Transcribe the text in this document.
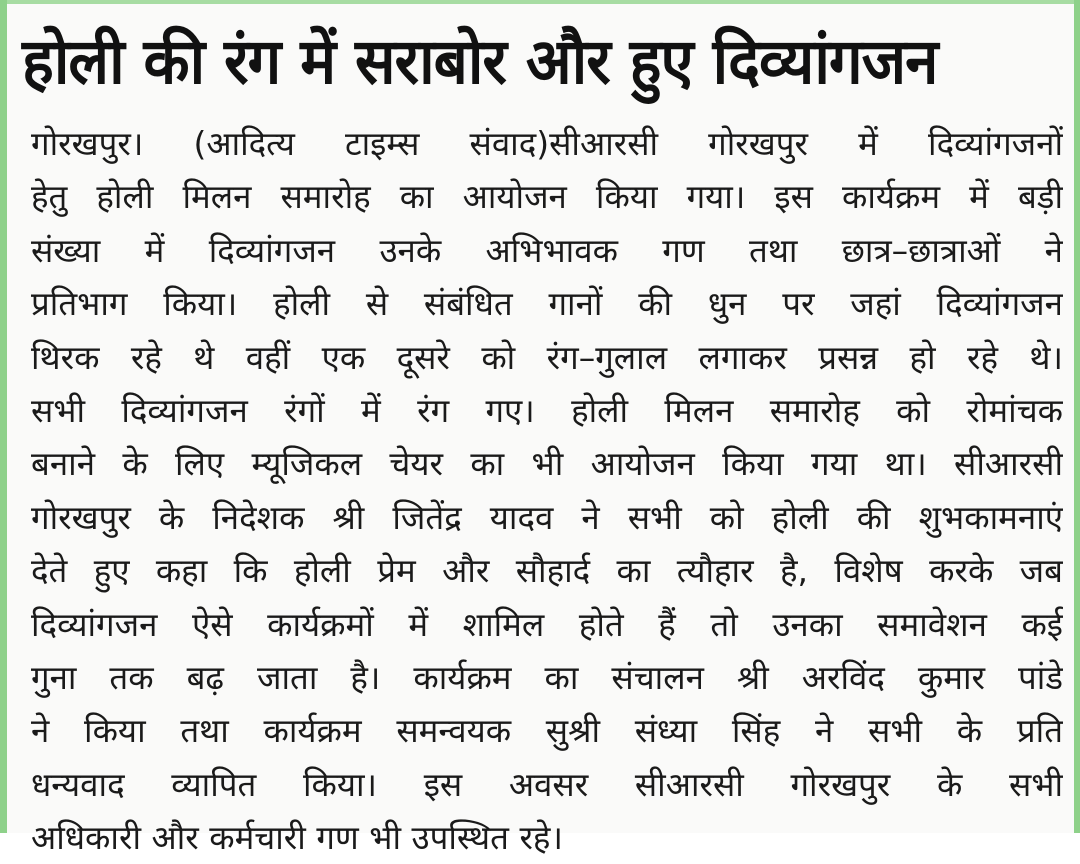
होली की रंग में सराबोर और हुए दिव्यांगजन
गोरखपुर। (आदित्य टाइम्स संवाद)सीआरसी गोरखपुर में दिव्यांगजनों
हेतु होली मिलन समारोह का आयोजन किया गया। इस कार्यक्रम में बड़ी
संख्या में दिव्यांगजन उनके अभिभावक गण तथा छात्र–छात्राओं ने
प्रतिभाग किया। होली से संबंधित गानों की धुन पर जहां दिव्यांगजन
थिरक रहे थे वहीं एक दूसरे को रंग–गुलाल लगाकर प्रसन्न हो रहे थे।
सभी दिव्यांगजन रंगों में रंग गए। होली मिलन समारोह को रोमांचक
बनाने के लिए म्यूजिकल चेयर का भी आयोजन किया गया था। सीआरसी
गोरखपुर के निदेशक श्री जितेंद्र यादव ने सभी को होली की शुभकामनाएं
देते हुए कहा कि होली प्रेम और सौहार्द का त्यौहार है, विशेष करके जब
दिव्यांगजन ऐसे कार्यक्रमों में शामिल होते हैं तो उनका समावेशन कई
गुना तक बढ़ जाता है। कार्यक्रम का संचालन श्री अरविंद कुमार पांडे
ने किया तथा कार्यक्रम समन्वयक सुश्री संध्या सिंह ने सभी के प्रति
धन्यवाद व्यापित किया। इस अवसर सीआरसी गोरखपुर के सभी
अधिकारी और कर्मचारी गण भी उपस्थित रहे।
